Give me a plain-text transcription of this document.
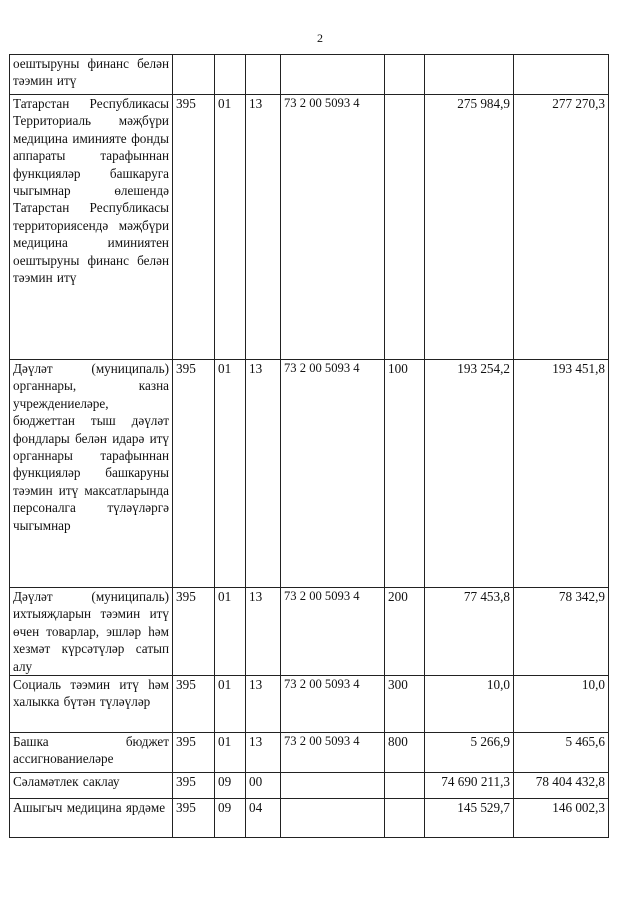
2
оештыруны финанс белән тәэмин итү							
Татарстан Республикасы Территориаль мәҗбүри медицина иминияте фонды аппараты тарафыннан функцияләр башкаруга чыгымнар өлешендә Татарстан Республикасы территориясендә мәҗбүри медицина иминиятен оештыруны финанс белән тәэмин итү	395	01	13	73 2 00 5093 4		275 984,9	277 270,3
Дәүләт (муниципаль) органнары, казна учреждениеләре, бюджеттан тыш дәүләт фондлары белән идарә итү органнары тарафыннан функцияләр башкаруны тәэмин итү максатларында персоналга түләүләргә чыгымнар	395	01	13	73 2 00 5093 4	100	193 254,2	193 451,8
Дәүләт (муниципаль) ихтыяҗларын тәэмин итү өчен товарлар, эшләр һәм хезмәт күрсәтүләр сатып алу	395	01	13	73 2 00 5093 4	200	77 453,8	78 342,9
Социаль тәэмин итү һәм халыкка бүтән түләүләр	395	01	13	73 2 00 5093 4	300	10,0	10,0
Башка бюджет ассигнованиеләре	395	01	13	73 2 00 5093 4	800	5 266,9	5 465,6
Сәламәтлек саклау	395	09	00			74 690 211,3	78 404 432,8
Ашыгыч медицина ярдәме	395	09	04			145 529,7	146 002,3
